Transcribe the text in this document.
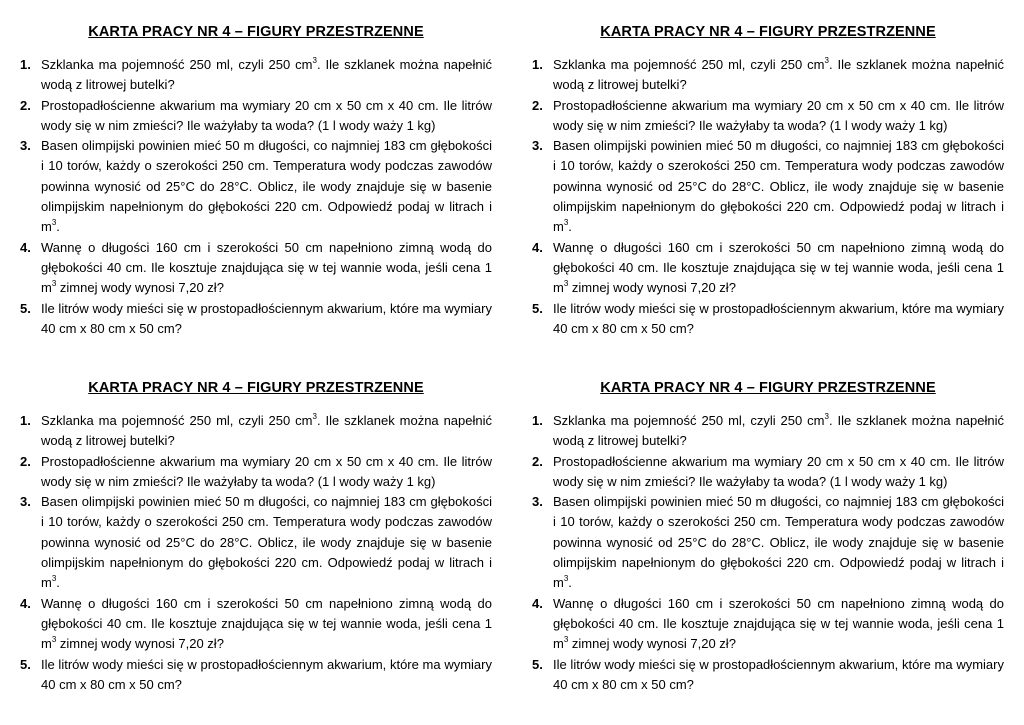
KARTA PRACY NR 4 – FIGURY PRZESTRZENNE
1. Szklanka ma pojemność 250 ml, czyli 250 $cm^3$. Ile szklanek można napełnić wodą z litrowej butelki?
2. Prostopadłościenne akwarium ma wymiary 20 cm x 50 cm x 40 cm. Ile litrów wody się w nim zmieści? Ile ważyłaby ta woda? (1 l wody waży 1 kg)
3. Basen olimpijski powinien mieć 50 m długości, co najmniej 183 cm głębokości i 10 torów, każdy o szerokości 250 cm. Temperatura wody podczas zawodów powinna wynosić od 25°C do 28°C. Oblicz, ile wody znajduje się w basenie olimpijskim napełnionym do głębokości 220 cm. Odpowiedź podaj w litrach i $m^3$.
4. Wannę o długości 160 cm i szerokości 50 cm napełniono zimną wodą do głębokości 40 cm. Ile kosztuje znajdująca się w tej wannie woda, jeśli cena 1 $m^3$ zimnej wody wynosi 7,20 zł?
5. Ile litrów wody mieści się w prostopadłościennym akwarium, które ma wymiary 40 cm x 80 cm x 50 cm?
KARTA PRACY NR 4 – FIGURY PRZESTRZENNE
1. Szklanka ma pojemność 250 ml, czyli 250 $cm^3$. Ile szklanek można napełnić wodą z litrowej butelki?
2. Prostopadłościenne akwarium ma wymiary 20 cm x 50 cm x 40 cm. Ile litrów wody się w nim zmieści? Ile ważyłaby ta woda? (1 l wody waży 1 kg)
3. Basen olimpijski powinien mieć 50 m długości, co najmniej 183 cm głębokości i 10 torów, każdy o szerokości 250 cm. Temperatura wody podczas zawodów powinna wynosić od 25°C do 28°C. Oblicz, ile wody znajduje się w basenie olimpijskim napełnionym do głębokości 220 cm. Odpowiedź podaj w litrach i $m^3$.
4. Wannę o długości 160 cm i szerokości 50 cm napełniono zimną wodą do głębokości 40 cm. Ile kosztuje znajdująca się w tej wannie woda, jeśli cena 1 $m^3$ zimnej wody wynosi 7,20 zł?
5. Ile litrów wody mieści się w prostopadłościennym akwarium, które ma wymiary 40 cm x 80 cm x 50 cm?
KARTA PRACY NR 4 – FIGURY PRZESTRZENNE
1. Szklanka ma pojemność 250 ml, czyli 250 $cm^3$. Ile szklanek można napełnić wodą z litrowej butelki?
2. Prostopadłościenne akwarium ma wymiary 20 cm x 50 cm x 40 cm. Ile litrów wody się w nim zmieści? Ile ważyłaby ta woda? (1 l wody waży 1 kg)
3. Basen olimpijski powinien mieć 50 m długości, co najmniej 183 cm głębokości i 10 torów, każdy o szerokości 250 cm. Temperatura wody podczas zawodów powinna wynosić od 25°C do 28°C. Oblicz, ile wody znajduje się w basenie olimpijskim napełnionym do głębokości 220 cm. Odpowiedź podaj w litrach i $m^3$.
4. Wannę o długości 160 cm i szerokości 50 cm napełniono zimną wodą do głębokości 40 cm. Ile kosztuje znajdująca się w tej wannie woda, jeśli cena 1 $m^3$ zimnej wody wynosi 7,20 zł?
5. Ile litrów wody mieści się w prostopadłościennym akwarium, które ma wymiary 40 cm x 80 cm x 50 cm?
KARTA PRACY NR 4 – FIGURY PRZESTRZENNE
1. Szklanka ma pojemność 250 ml, czyli 250 $cm^3$. Ile szklanek można napełnić wodą z litrowej butelki?
2. Prostopadłościenne akwarium ma wymiary 20 cm x 50 cm x 40 cm. Ile litrów wody się w nim zmieści? Ile ważyłaby ta woda? (1 l wody waży 1 kg)
3. Basen olimpijski powinien mieć 50 m długości, co najmniej 183 cm głębokości i 10 torów, każdy o szerokości 250 cm. Temperatura wody podczas zawodów powinna wynosić od 25°C do 28°C. Oblicz, ile wody znajduje się w basenie olimpijskim napełnionym do głębokości 220 cm. Odpowiedź podaj w litrach i $m^3$.
4. Wannę o długości 160 cm i szerokości 50 cm napełniono zimną wodą do głębokości 40 cm. Ile kosztuje znajdująca się w tej wannie woda, jeśli cena 1 $m^3$ zimnej wody wynosi 7,20 zł?
5. Ile litrów wody mieści się w prostopadłościennym akwarium, które ma wymiary 40 cm x 80 cm x 50 cm?
